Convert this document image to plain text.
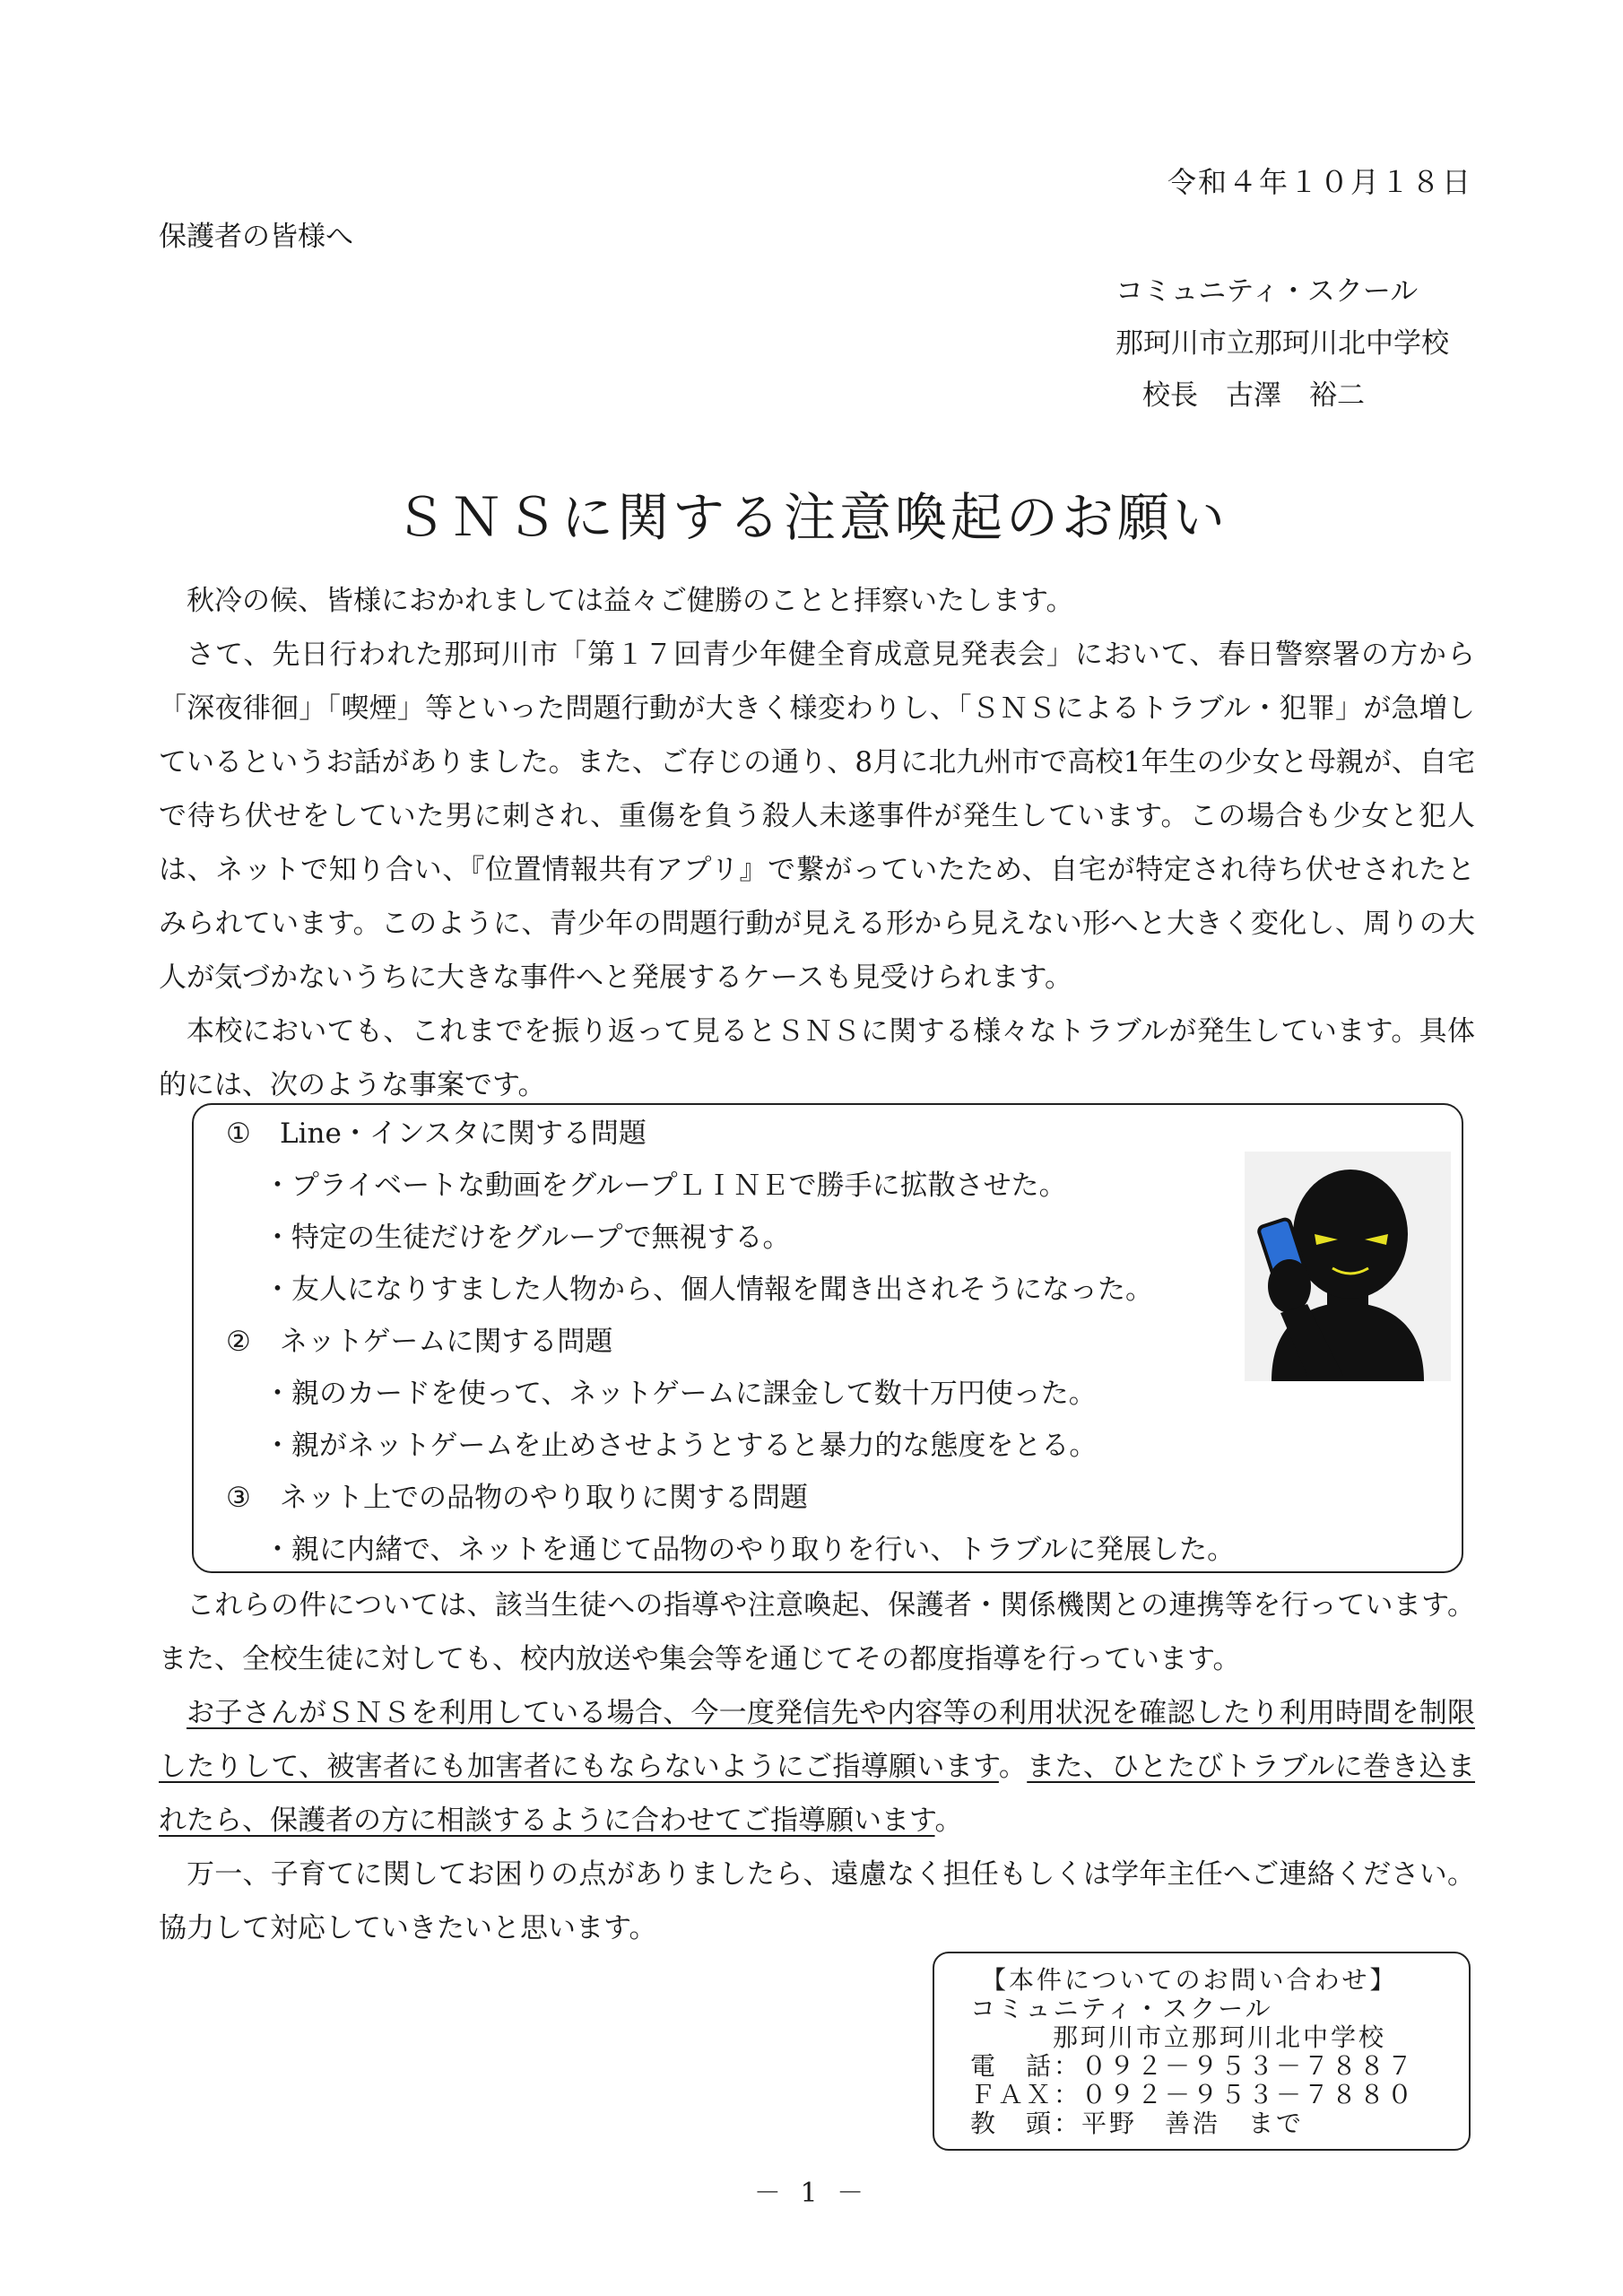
令和４年１０月１８日
保護者の皆様へ
コミュニティ・スクール
那珂川市立那珂川北中学校
校長　古澤　裕二
ＳＮＳに関する注意喚起のお願い
秋冷の候、皆様におかれましては益々ご健勝のことと拝察いたします。
さて、先日行われた那珂川市「第１７回青少年健全育成意見発表会」において、春日警察署の方から「深夜徘徊」「喫煙」等といった問題行動が大きく様変わりし、「ＳＮＳによるトラブル・犯罪」が急増しているというお話がありました。また、ご存じの通り、8月に北九州市で高校1年生の少女と母親が、自宅で待ち伏せをしていた男に刺され、重傷を負う殺人未遂事件が発生しています。この場合も少女と犯人は、ネットで知り合い、『位置情報共有アプリ』で繋がっていたため、自宅が特定され待ち伏せされたとみられています。このように、青少年の問題行動が見える形から見えない形へと大きく変化し、周りの大人が気づかないうちに大きな事件へと発展するケースも見受けられます。
本校においても、これまでを振り返って見るとＳＮＳに関する様々なトラブルが発生しています。具体的には、次のような事案です。
① Line・インスタに関する問題
・プライベートな動画をグループＬＩＮＥで勝手に拡散させた。
・特定の生徒だけをグループで無視する。
・友人になりすました人物から、個人情報を聞き出されそうになった。
② ネットゲームに関する問題
・親のカードを使って、ネットゲームに課金して数十万円使った。
・親がネットゲームを止めさせようとすると暴力的な態度をとる。
③ ネット上での品物のやり取りに関する問題
・親に内緒で、ネットを通じて品物のやり取りを行い、トラブルに発展した。
これらの件については、該当生徒への指導や注意喚起、保護者・関係機関との連携等を行っています。また、全校生徒に対しても、校内放送や集会等を通じてその都度指導を行っています。
お子さんがＳＮＳを利用している場合、今一度発信先や内容等の利用状況を確認したり利用時間を制限したりして、被害者にも加害者にもならないようにご指導願います。また、ひとたびトラブルに巻き込まれたら、保護者の方に相談するように合わせてご指導願います。
万一、子育てに関してお困りの点がありましたら、遠慮なく担任もしくは学年主任へご連絡ください。協力して対応していきたいと思います。
【本件についてのお問い合わせ】
コミュニティ・スクール
那珂川市立那珂川北中学校
電　話：０９２－９５３－７８８７
ＦＡＸ：０９２－９５３－７８８０
教　頭：平野　善浩　まで
－ 1 －
